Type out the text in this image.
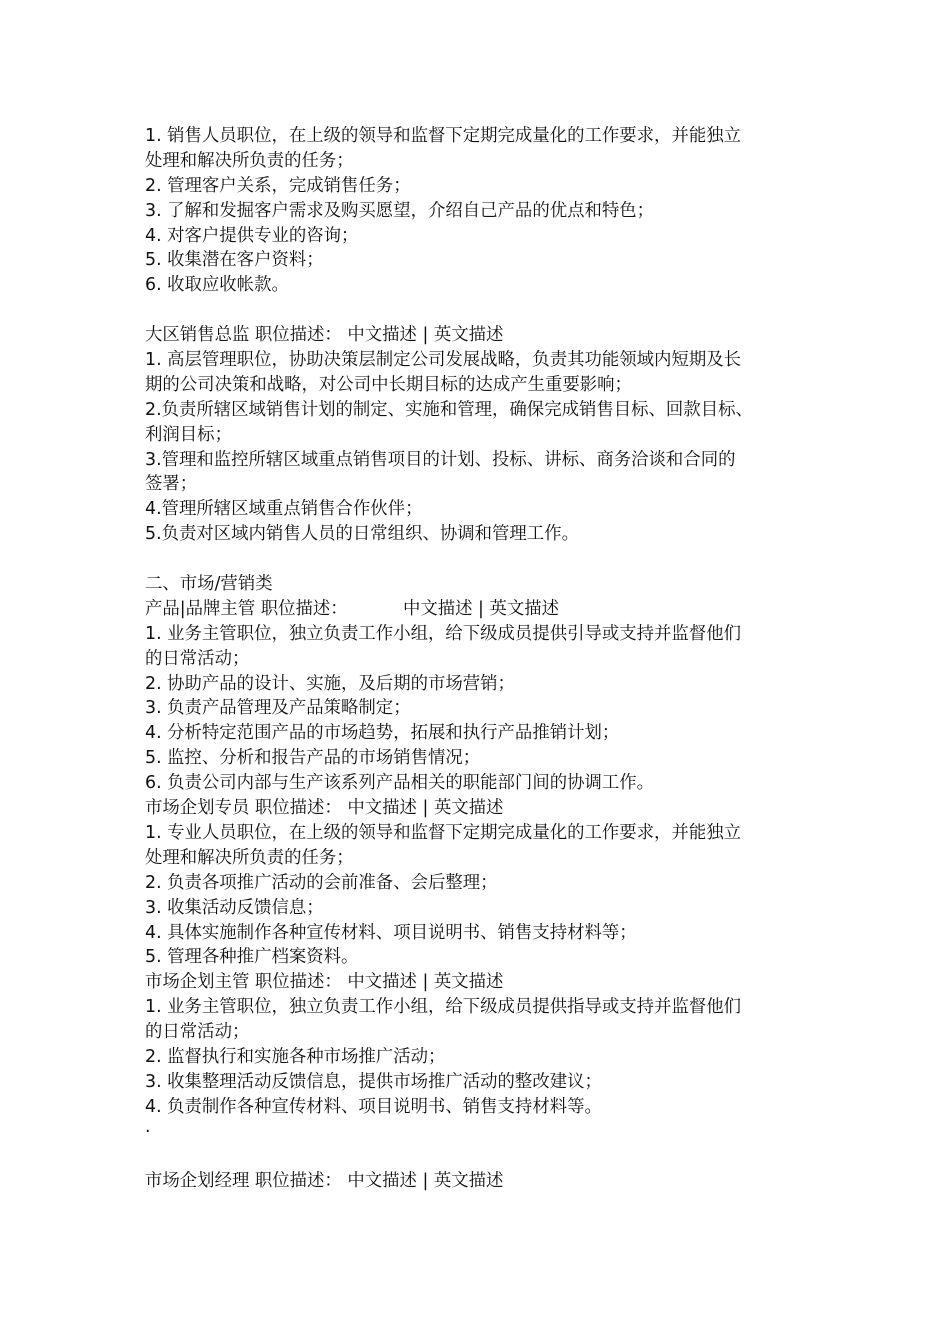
1. 销售人员职位，在上级的领导和监督下定期完成量化的工作要求，并能独立
处理和解决所负责的任务；
2. 管理客户关系，完成销售任务；
3. 了解和发掘客户需求及购买愿望，介绍自己产品的优点和特色；
4. 对客户提供专业的咨询；
5. 收集潜在客户资料；
6. 收取应收帐款。
大区销售总监 职位描述： 中文描述 | 英文描述
1. 高层管理职位，协助决策层制定公司发展战略，负责其功能领域内短期及长
期的公司决策和战略，对公司中长期目标的达成产生重要影响；
2.负责所辖区域销售计划的制定、实施和管理，确保完成销售目标、回款目标、
利润目标；
3.管理和监控所辖区域重点销售项目的计划、投标、讲标、商务洽谈和合同的
签署；
4.管理所辖区域重点销售合作伙伴；
5.负责对区域内销售人员的日常组织、协调和管理工作。
二、市场/营销类
产品|品牌主管 职位描述：          中文描述 | 英文描述
1. 业务主管职位，独立负责工作小组，给下级成员提供引导或支持并监督他们
的日常活动；
2. 协助产品的设计、实施，及后期的市场营销；
3. 负责产品管理及产品策略制定；
4. 分析特定范围产品的市场趋势，拓展和执行产品推销计划；
5. 监控、分析和报告产品的市场销售情况；
6. 负责公司内部与生产该系列产品相关的职能部门间的协调工作。
市场企划专员 职位描述： 中文描述 | 英文描述
1. 专业人员职位，在上级的领导和监督下定期完成量化的工作要求，并能独立
处理和解决所负责的任务；
2. 负责各项推广活动的会前准备、会后整理；
3. 收集活动反馈信息；
4. 具体实施制作各种宣传材料、项目说明书、销售支持材料等；
5. 管理各种推广档案资料。
市场企划主管 职位描述： 中文描述 | 英文描述
1. 业务主管职位，独立负责工作小组，给下级成员提供指导或支持并监督他们
的日常活动；
2. 监督执行和实施各种市场推广活动；
3. 收集整理活动反馈信息，提供市场推广活动的整改建议；
4. 负责制作各种宣传材料、项目说明书、销售支持材料等。
·
市场企划经理 职位描述： 中文描述 | 英文描述
